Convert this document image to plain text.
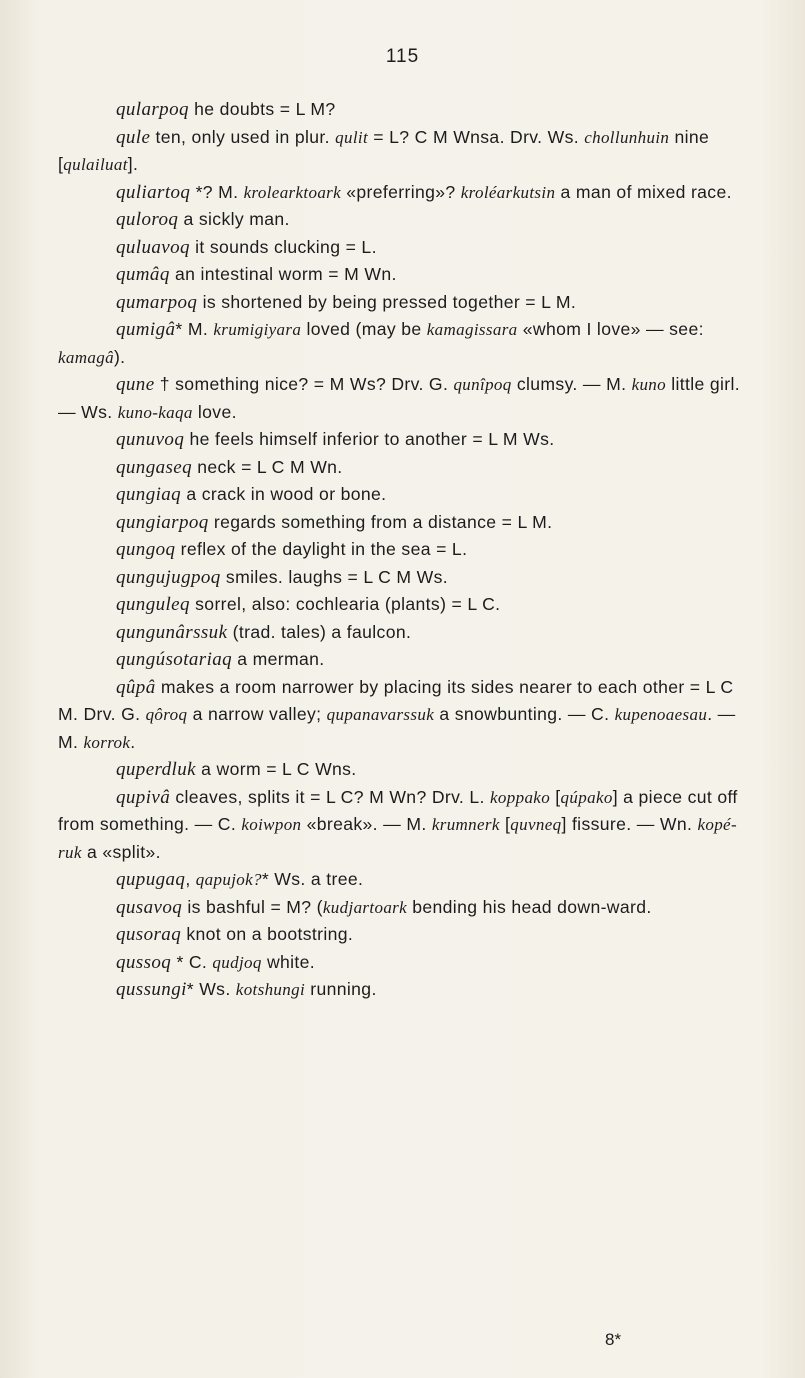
115
qularpoq he doubts = L M?
qule ten, only used in plur. qulit = L? C M Wnsa. Drv. Ws. chollunhuin nine [qulailuat].
quliartoq *? M. krolearktoark «preferring»? kroléarkutsin a man of mixed race.
quloroq a sickly man.
quluavoq it sounds clucking = L.
qumâq an intestinal worm = M Wn.
qumarpoq is shortened by being pressed together = L M.
qumigâ* M. krumigiyara loved (may be kamagissara «whom I love» — see: kamagâ).
qune † something nice? = M Ws? Drv. G. qunîpoq clumsy. — M. kuno little girl. — Ws. kuno-kaqa love.
qunuvoq he feels himself inferior to another = L M Ws.
qungaseq neck = L C M Wn.
qungiaq a crack in wood or bone.
qungiarpoq regards something from a distance = L M.
qungoq reflex of the daylight in the sea = L.
qungujugpoq smiles. laughs = L C M Ws.
qunguleq sorrel, also: cochlearia (plants) = L C.
qungunârssuk (trad. tales) a faulcon.
qungúsotariaq a merman.
qûpâ makes a room narrower by placing its sides nearer to each other = L C M. Drv. G. qôroq a narrow valley; qupanavarssuk a snowbunting. — C. kupenoaesau. — M. korrok.
quperdluk a worm = L C Wns.
qupivâ cleaves, splits it = L C? M Wn? Drv. L. koppako [qúpako] a piece cut off from something. — C. koiwpon «break». — M. krumnerk [quvneq] fissure. — Wn. kopé-ruk a «split».
qupugaq, qapujok?* Ws. a tree.
qusavoq is bashful = M? (kudjartoark bending his head down-ward.
qusoraq knot on a bootstring.
qussoq * C. qudjoq white.
qussungi* Ws. kotshungi running.
8*
